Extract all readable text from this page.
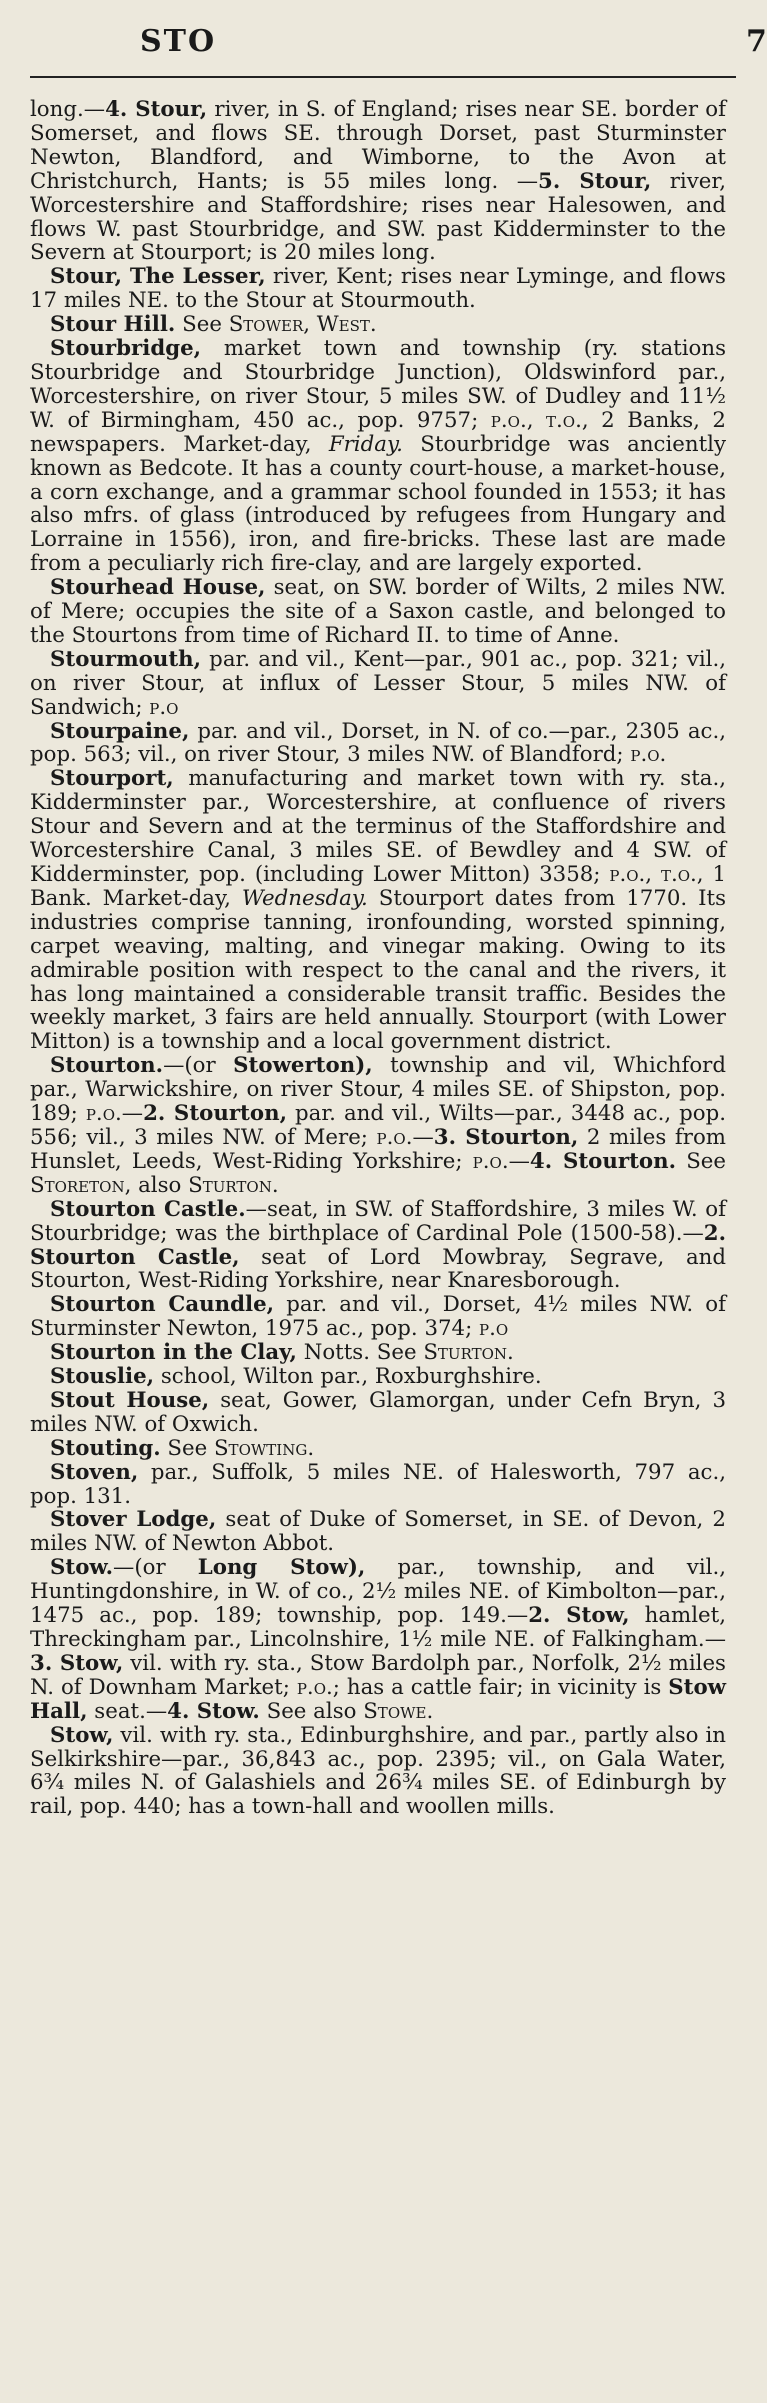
STO	7

long.—4. Stour, river, in S. of England; rises near SE. border of Somerset, and flows SE. through Dorset, past Sturminster Newton, Blandford, and Wimborne, to the Avon at Christchurch, Hants; is 55 miles long. —5. Stour, river, Worcestershire and Staffordshire; rises near Halesowen, and flows W. past Stourbridge, and SW. past Kidderminster to the Severn at Stourport; is 20 miles long.

Stour, The Lesser, river, Kent; rises near Lyminge, and flows 17 miles NE. to the Stour at Stourmouth.

Stour Hill. See Stower, West.

Stourbridge, market town and township (ry. stations Stourbridge and Stourbridge Junction), Oldswinford par., Worcestershire, on river Stour, 5 miles SW. of Dudley and 11½ W. of Birmingham, 450 ac., pop. 9757; p.o., t.o., 2 Banks, 2 newspapers. Market-day, Friday. Stourbridge was anciently known as Bedcote. It has a county court-house, a market-house, a corn exchange, and a grammar school founded in 1553; it has also mfrs. of glass (introduced by refugees from Hungary and Lorraine in 1556), iron, and fire-bricks. These last are made from a peculiarly rich fire-clay, and are largely exported.

Stourhead House, seat, on SW. border of Wilts, 2 miles NW. of Mere; occupies the site of a Saxon castle, and belonged to the Stourtons from time of Richard II. to time of Anne.

Stourmouth, par. and vil., Kent—par., 901 ac., pop. 321; vil., on river Stour, at influx of Lesser Stour, 5 miles NW. of Sandwich; p.o

Stourpaine, par. and vil., Dorset, in N. of co.—par., 2305 ac., pop. 563; vil., on river Stour, 3 miles NW. of Blandford; p.o.

Stourport, manufacturing and market town with ry. sta., Kidderminster par., Worcestershire, at confluence of rivers Stour and Severn and at the terminus of the Staffordshire and Worcestershire Canal, 3 miles SE. of Bewdley and 4 SW. of Kidderminster, pop. (including Lower Mitton) 3358; p.o., t.o., 1 Bank. Market-day, Wednesday. Stourport dates from 1770. Its industries comprise tanning, ironfounding, worsted spinning, carpet weaving, malting, and vinegar making. Owing to its admirable position with respect to the canal and the rivers, it has long maintained a considerable transit traffic. Besides the weekly market, 3 fairs are held annually. Stourport (with Lower Mitton) is a township and a local government district.

Stourton.—(or Stowerton), township and vil, Whichford par., Warwickshire, on river Stour, 4 miles SE. of Shipston, pop. 189; p.o.—2. Stourton, par. and vil., Wilts—par., 3448 ac., pop. 556; vil., 3 miles NW. of Mere; p.o.—3. Stourton, 2 miles from Hunslet, Leeds, West-Riding Yorkshire; p.o.—4. Stourton. See Storeton, also Sturton.

Stourton Castle.—seat, in SW. of Staffordshire, 3 miles W. of Stourbridge; was the birthplace of Cardinal Pole (1500-58).—2. Stourton Castle, seat of Lord Mowbray, Segrave, and Stourton, West-Riding Yorkshire, near Knaresborough.

Stourton Caundle, par. and vil., Dorset, 4½ miles NW. of Sturminster Newton, 1975 ac., pop. 374; p.o

Stourton in the Clay, Notts. See Sturton.

Stouslie, school, Wilton par., Roxburghshire.

Stout House, seat, Gower, Glamorgan, under Cefn Bryn, 3 miles NW. of Oxwich.

Stouting. See Stowting.

Stoven, par., Suffolk, 5 miles NE. of Halesworth, 797 ac., pop. 131.

Stover Lodge, seat of Duke of Somerset, in SE. of Devon, 2 miles NW. of Newton Abbot.

Stow.—(or Long Stow), par., township, and vil., Huntingdonshire, in W. of co., 2½ miles NE. of Kimbolton—par., 1475 ac., pop. 189; township, pop. 149.—2. Stow, hamlet, Threckingham par., Lincolnshire, 1½ mile NE. of Falkingham.—3. Stow, vil. with ry. sta., Stow Bardolph par., Norfolk, 2½ miles N. of Downham Market; p.o.; has a cattle fair; in vicinity is Stow Hall, seat.—4. Stow. See also Stowe.

Stow, vil. with ry. sta., Edinburghshire, and par., partly also in Selkirkshire—par., 36,843 ac., pop. 2395; vil., on Gala Water, 6¾ miles N. of Galashiels and 26¾ miles SE. of Edinburgh by rail, pop. 440; has a town-hall and woollen mills.
